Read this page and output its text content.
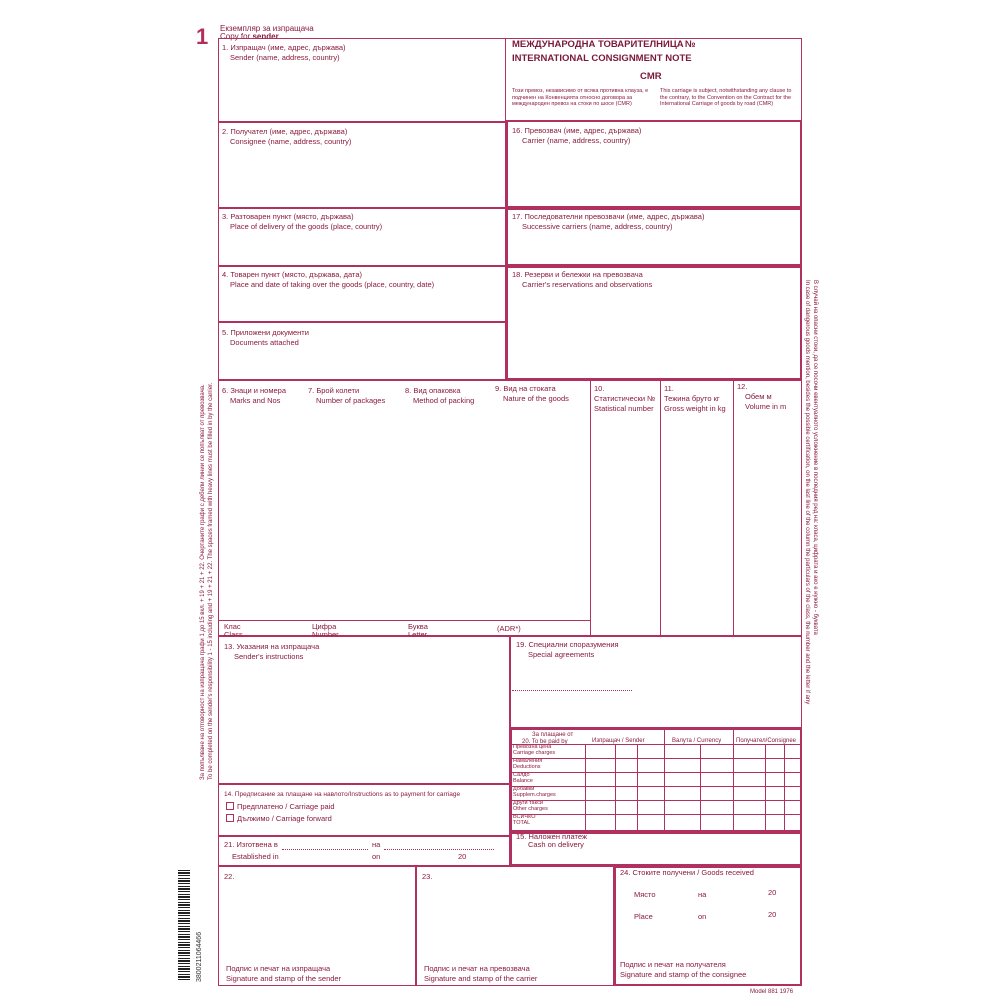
1 Екземпляр за изпращача
Copy for sender
1. Изпращач (име, адрес, държава)
Sender (name, address, country)
2. Получател (име, адрес, държава)
Consignee (name, address, country)
3. Разтоварен пункт (място, държава)
Place of delivery of the goods (place, country)
4. Товарен пункт (място, държава, дата)
Place and date of taking over the goods (place, country, date)
5. Приложени документи
Documents attached
МЕЖДУНАРОДНА ТОВАРИТЕЛНИЦА №
INTERNATIONAL CONSIGNMENT NOTE
CMR
Този превоз, независимо от всяка противна клауза, е подчинен на Конвенцията относно договора за международен превоз на стоки по шосе (CMR)
This carriage is subject, notwithstanding any clause to the contrary, to the Convention on the Contract for the International Carriage of goods by road (CMR)
16. Превозвач (име, адрес, държава)
Carrier (name, address, country)
17. Последователни превозвачи (име, адрес, държава)
Successive carriers (name, address, country)
18. Резерви и бележки на превозвача
Carrier's reservations and observations
6. Знаци и номера
Marks and Nos
7. Брой колети
Number of packages
8. Вид опаковка
Method of packing
9. Вид на стоката
Nature of the goods
10.
Статистически №
Statistical number
11.
Тежина бруто кг
Gross weight in kg
12.
Обем м
Volume in m
Клас
Class
Цифра
Number
Буква
Letter
(ADR*)
13. Указания на изпращача
Sender's instructions
19. Специални споразумения
Special agreements
За плащане от
20. To be paid by	Изпращач / Sender	Валута / Currency Получател/Consignee
Превозна цена
Carriage charges
Намаления
Deductions
Салдо
Balance
Добавки
Supplem.charges
Други такси
Other charges
ВСИЧКО
TOTAL
14. Предписание за плащане на навлото/Instructions as to payment for carriage
Предплатено / Carriage paid
Дължимо / Carriage forward
21. Изготвена в	на
Established in	on	20
15. Наложен платеж
Cash on delivery
22.
Подпис и печат на изпращача
Signature and stamp of the sender
23.
Подпис и печат на превозвача
Signature and stamp of the carrier
24. Стоките получени / Goods received
Място	на	20
Place	on	20
Подпис и печат на получателя
Signature and stamp of the consignee
Model 881 1976
За попълване на отговорност на изпращача графи 1 до 15 вкл. + 19 + 21 + 22. Очертаните графи с дебели линии се попълват от превозвача. To be completed on the sender's responsibility 1 - 15 including and + 19 + 21 + 22. The spaces framed with heavy lines must be filled in by the carrier.	В случай на опасни стоки, да се посочи евентуалното усложнение в последния ред на: класа, цифрата и ако е нужно - буквата
In case of dangerous goods mention, besides the possible certification, on the last line of the column the particulars of the class, the number and the letter if any
3800211064466
